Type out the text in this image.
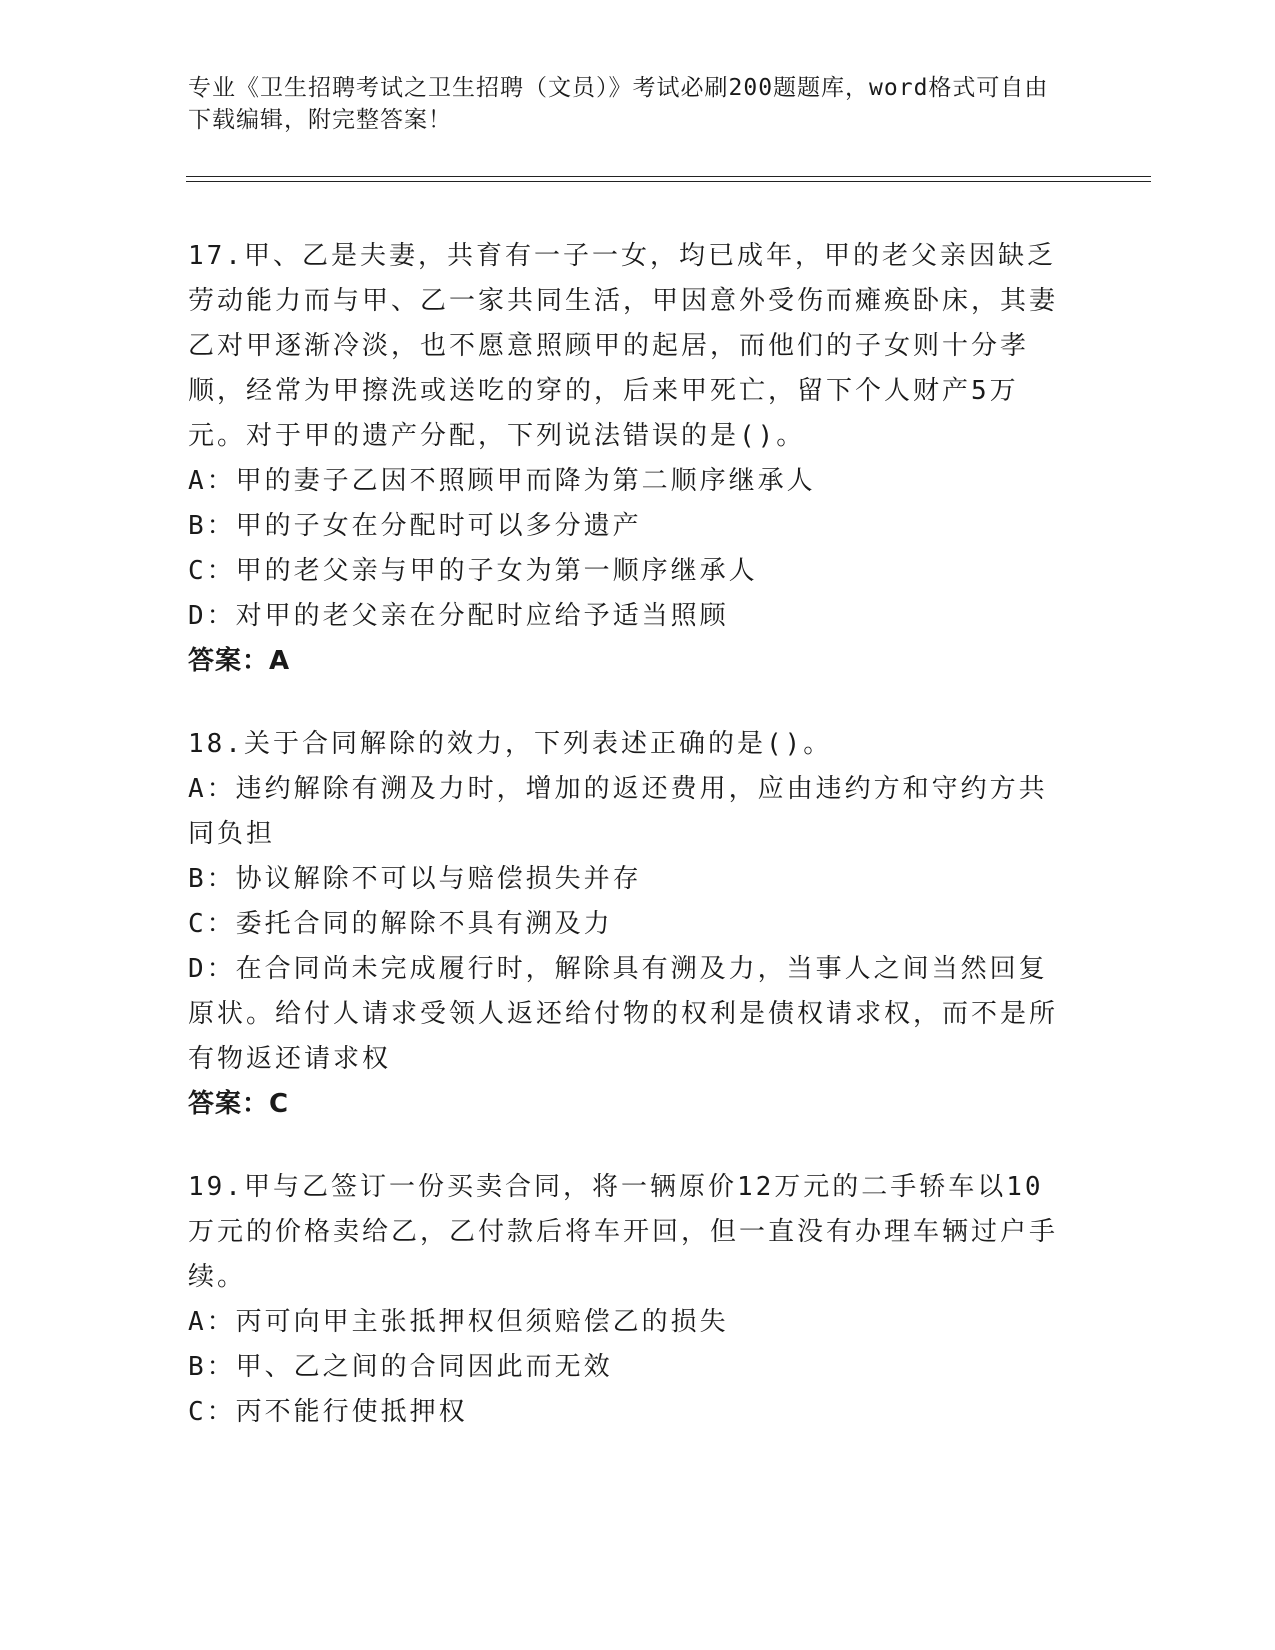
专业《卫生招聘考试之卫生招聘（文员）》考试必刷200题题库，word格式可自由下载编辑，附完整答案！

17.甲、乙是夫妻，共育有一子一女，均已成年，甲的老父亲因缺乏劳动能力而与甲、乙一家共同生活，甲因意外受伤而瘫痪卧床，其妻乙对甲逐渐冷淡，也不愿意照顾甲的起居，而他们的子女则十分孝顺，经常为甲擦洗或送吃的穿的，后来甲死亡，留下个人财产5万元。对于甲的遗产分配，下列说法错误的是()。

A：甲的妻子乙因不照顾甲而降为第二顺序继承人

B：甲的子女在分配时可以多分遗产

C：甲的老父亲与甲的子女为第一顺序继承人

D：对甲的老父亲在分配时应给予适当照顾

答案：A

18.关于合同解除的效力，下列表述正确的是()。

A：违约解除有溯及力时，增加的返还费用，应由违约方和守约方共同负担

B：协议解除不可以与赔偿损失并存

C：委托合同的解除不具有溯及力

D：在合同尚未完成履行时，解除具有溯及力，当事人之间当然回复原状。给付人请求受领人返还给付物的权利是债权请求权，而不是所有物返还请求权

答案：C

19.甲与乙签订一份买卖合同，将一辆原价12万元的二手轿车以10万元的价格卖给乙，乙付款后将车开回，但一直没有办理车辆过户手续。

A：丙可向甲主张抵押权但须赔偿乙的损失

B：甲、乙之间的合同因此而无效

C：丙不能行使抵押权
